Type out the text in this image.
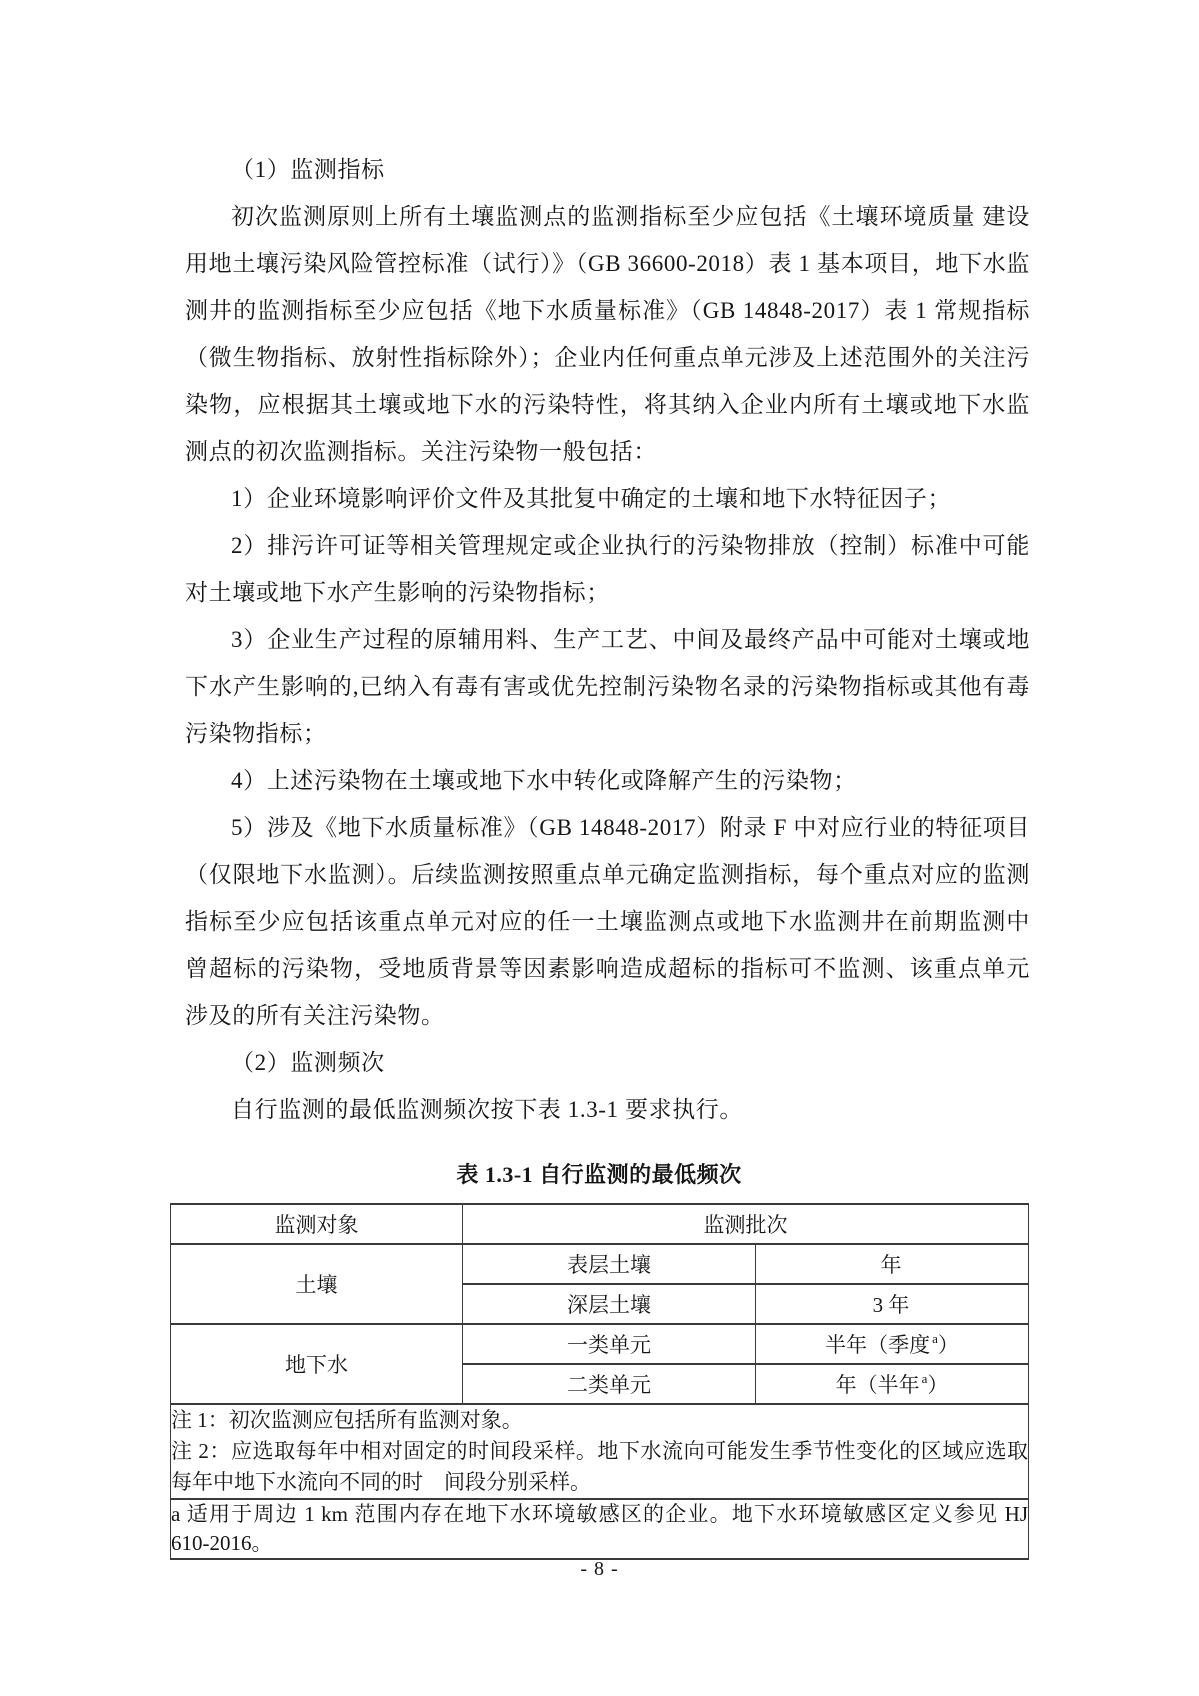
（1）监测指标

初次监测原则上所有土壤监测点的监测指标至少应包括《土壤环境质量 建设用地土壤污染风险管控标准（试行）》（GB 36600-2018）表 1 基本项目，地下水监测井的监测指标至少应包括《地下水质量标准》（GB 14848-2017）表 1 常规指标（微生物指标、放射性指标除外）；企业内任何重点单元涉及上述范围外的关注污染物，应根据其土壤或地下水的污染特性，将其纳入企业内所有土壤或地下水监测点的初次监测指标。关注污染物一般包括：

1）企业环境影响评价文件及其批复中确定的土壤和地下水特征因子；

2）排污许可证等相关管理规定或企业执行的污染物排放（控制）标准中可能对土壤或地下水产生影响的污染物指标；

3）企业生产过程的原辅用料、生产工艺、中间及最终产品中可能对土壤或地下水产生影响的,已纳入有毒有害或优先控制污染物名录的污染物指标或其他有毒污染物指标；

4）上述污染物在土壤或地下水中转化或降解产生的污染物；

5）涉及《地下水质量标准》（GB 14848-2017）附录 F 中对应行业的特征项目（仅限地下水监测）。后续监测按照重点单元确定监测指标，每个重点对应的监测指标至少应包括该重点单元对应的任一土壤监测点或地下水监测井在前期监测中曾超标的污染物，受地质背景等因素影响造成超标的指标可不监测、该重点单元涉及的所有关注污染物。

（2）监测频次

自行监测的最低监测频次按下表 1.3-1 要求执行。

表 1.3-1 自行监测的最低频次
监测对象	监测批次	
土壤	表层土壤	年
	深层土壤	3 年
地下水	一类单元	半年（季度 $^a$）
	二类单元	年（半年 $^a$）

注 1：初次监测应包括所有监测对象。
注 2：应选取每年中相对固定的时间段采样。地下水流向可能发生季节性变化的区域应选取
每年中地下水流向不同的时　间段分别采样。		

a 适用于周边 1 km 范围内存在地下水环境敏感区的企业。地下水环境敏感区定义参见 HJ
610-2016。		
- 8 -
